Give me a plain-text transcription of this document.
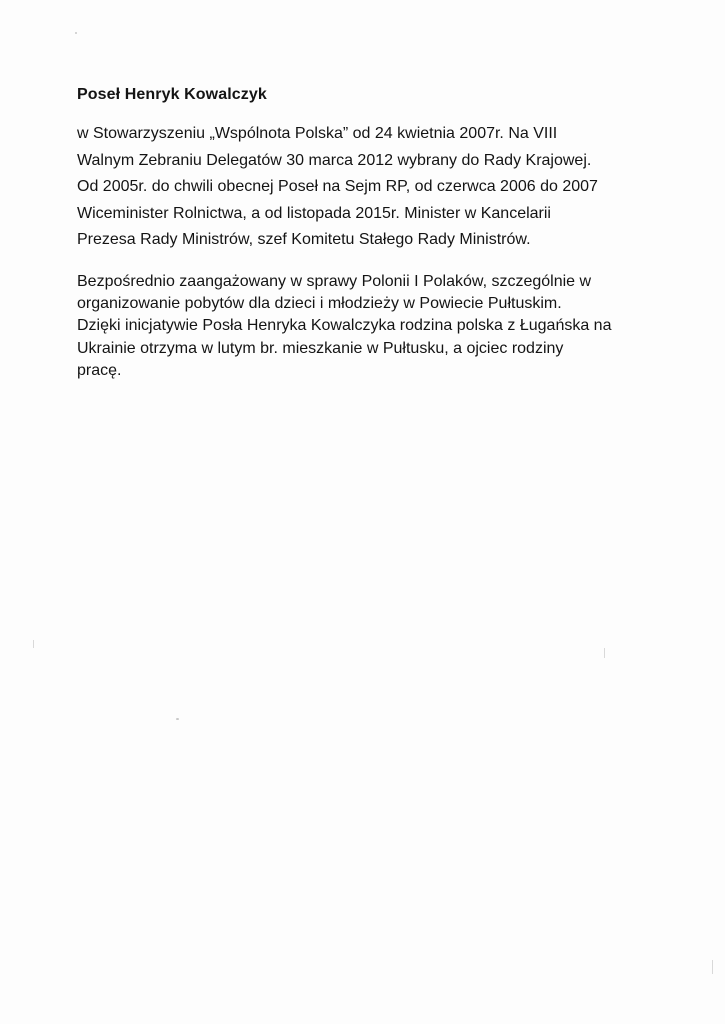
Poseł Henryk Kowalczyk

w Stowarzyszeniu „Wspólnota Polska” od 24 kwietnia 2007r. Na VIII
Walnym Zebraniu Delegatów 30 marca 2012 wybrany do Rady Krajowej.
Od 2005r. do chwili obecnej Poseł na Sejm RP, od czerwca 2006 do 2007
Wiceminister Rolnictwa, a od listopada 2015r. Minister w Kancelarii
Prezesa Rady Ministrów, szef Komitetu Stałego Rady Ministrów.

Bezpośrednio zaangażowany w sprawy Polonii I Polaków, szczególnie w
organizowanie pobytów dla dzieci i młodzieży w Powiecie Pułtuskim.
Dzięki inicjatywie Posła Henryka Kowalczyka rodzina polska z Ługańska na
Ukrainie otrzyma w lutym br. mieszkanie w Pułtusku, a ojciec rodziny
pracę.
